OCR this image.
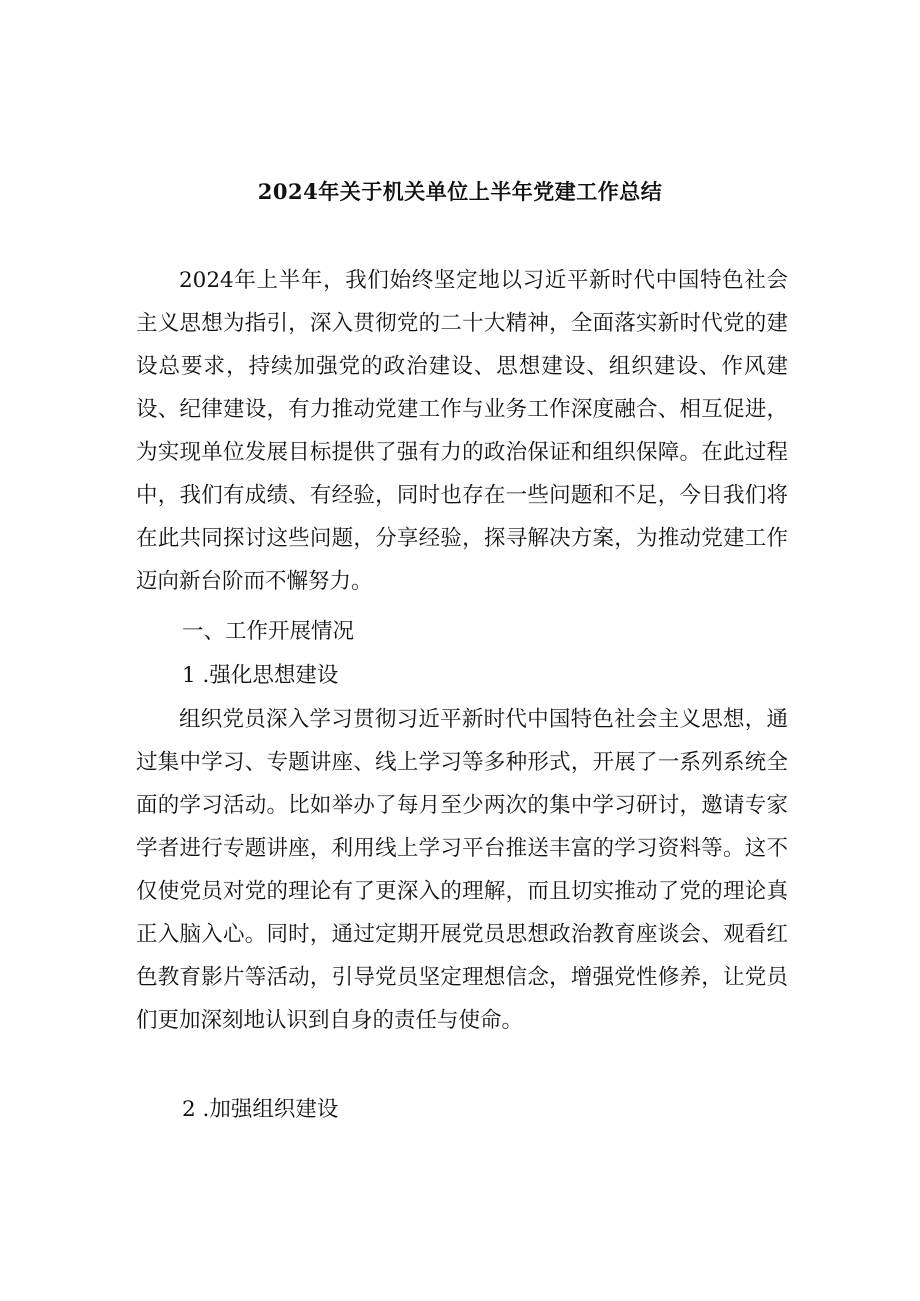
2024年关于机关单位上半年党建工作总结

2024年上半年，我们始终坚定地以习近平新时代中国特色社会主义思想为指引，深入贯彻党的二十大精神，全面落实新时代党的建设总要求，持续加强党的政治建设、思想建设、组织建设、作风建设、纪律建设，有力推动党建工作与业务工作深度融合、相互促进，为实现单位发展目标提供了强有力的政治保证和组织保障。在此过程中，我们有成绩、有经验，同时也存在一些问题和不足，今日我们将在此共同探讨这些问题，分享经验，探寻解决方案，为推动党建工作迈向新台阶而不懈努力。

一、工作开展情况
1 .强化思想建设

组织党员深入学习贯彻习近平新时代中国特色社会主义思想，通过集中学习、专题讲座、线上学习等多种形式，开展了一系列系统全面的学习活动。比如举办了每月至少两次的集中学习研讨，邀请专家学者进行专题讲座，利用线上学习平台推送丰富的学习资料等。这不仅使党员对党的理论有了更深入的理解，而且切实推动了党的理论真正入脑入心。同时，通过定期开展党员思想政治教育座谈会、观看红色教育影片等活动，引导党员坚定理想信念，增强党性修养，让党员们更加深刻地认识到自身的责任与使命。

2 .加强组织建设
